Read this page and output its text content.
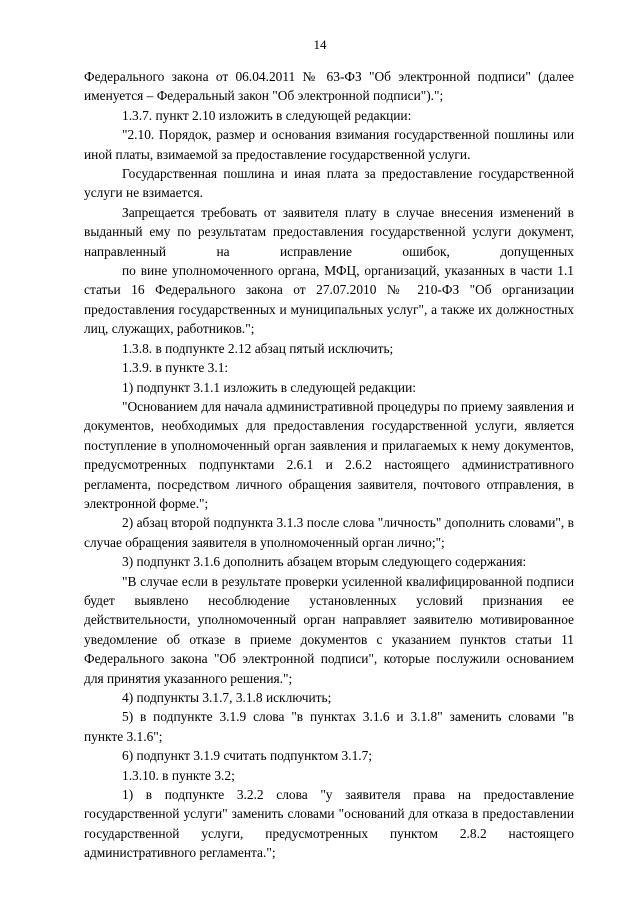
14

Федерального закона от 06.04.2011 № 63-ФЗ "Об электронной подписи" (далее именуется – Федеральный закон "Об электронной подписи").";

1.3.7. пункт 2.10 изложить в следующей редакции:

"2.10. Порядок, размер и основания взимания государственной пошлины или иной платы, взимаемой за предоставление государственной услуги.

Государственная пошлина и иная плата за предоставление государственной услуги не взимается.

Запрещается требовать от заявителя плату в случае внесения изменений в выданный ему по результатам предоставления государственной услуги документ, направленный на исправление ошибок, допущенных

по вине уполномоченного органа, МФЦ, организаций, указанных в части 1.1 статьи 16 Федерального закона от 27.07.2010 № 210-ФЗ "Об организации предоставления государственных и муниципальных услуг", а также их должностных лиц, служащих, работников.";

1.3.8. в подпункте 2.12 абзац пятый исключить;

1.3.9. в пункте 3.1:

1) подпункт 3.1.1 изложить в следующей редакции:

"Основанием для начала административной процедуры по приему заявления и документов, необходимых для предоставления государственной услуги, является поступление в уполномоченный орган заявления и прилагаемых к нему документов, предусмотренных подпунктами 2.6.1 и 2.6.2 настоящего административного регламента, посредством личного обращения заявителя, почтового отправления, в электронной форме.";

2) абзац второй подпункта 3.1.3 после слова "личность" дополнить словами", в случае обращения заявителя в уполномоченный орган лично;";

3) подпункт 3.1.6 дополнить абзацем вторым следующего содержания:

"В случае если в результате проверки усиленной квалифицированной подписи будет выявлено несоблюдение установленных условий признания ее действительности, уполномоченный орган направляет заявителю мотивированное уведомление об отказе в приеме документов с указанием пунктов статьи 11 Федерального закона "Об электронной подписи", которые послужили основанием для принятия указанного решения.";

4) подпункты 3.1.7, 3.1.8 исключить;

5) в подпункте 3.1.9 слова "в пунктах 3.1.6 и 3.1.8" заменить словами "в пункте 3.1.6";

6) подпункт 3.1.9 считать подпунктом 3.1.7;

1.3.10. в пункте 3.2;

1) в подпункте 3.2.2 слова "у заявителя права на предоставление государственной услуги" заменить словами "оснований для отказа в предоставлении государственной услуги, предусмотренных пунктом 2.8.2 настоящего административного регламента.";
